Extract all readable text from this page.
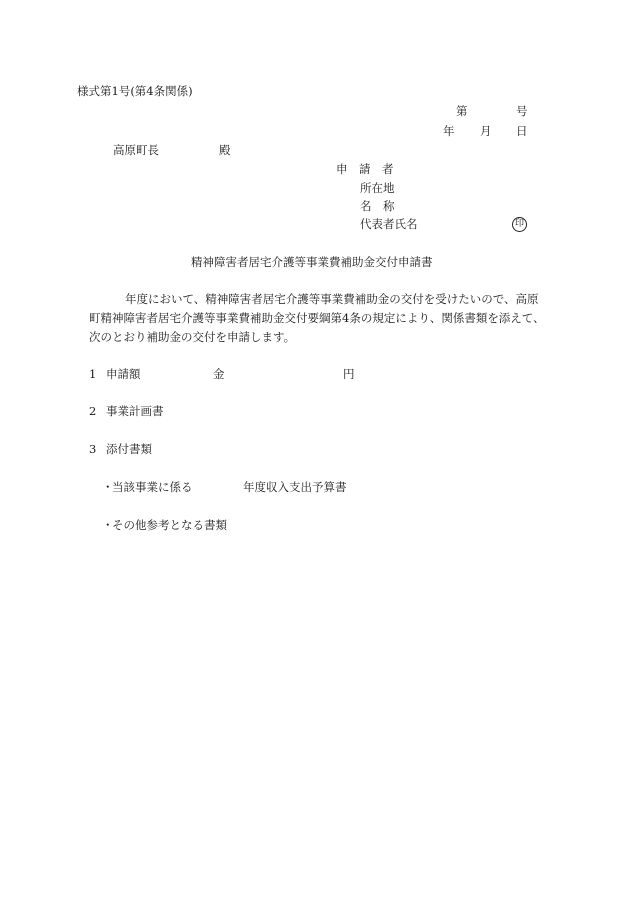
様式第1号(第4条関係)
第	号
年 月 日
高原町長	殿
申　請　者
所在地
名　称
代表者氏名	印
精神障害者居宅介護等事業費補助金交付申請書
年度において、精神障害者居宅介護等事業費補助金の交付を受けたいので、高原
町精神障害者居宅介護等事業費補助金交付要綱第4条の規定により、関係書類を添えて、
次のとおり補助金の交付を申請します。
1 申請額	金	円
2 事業計画書
3 添付書類
・
当該事業に係る	年度収入支出予算書
・
その他参考となる書類
